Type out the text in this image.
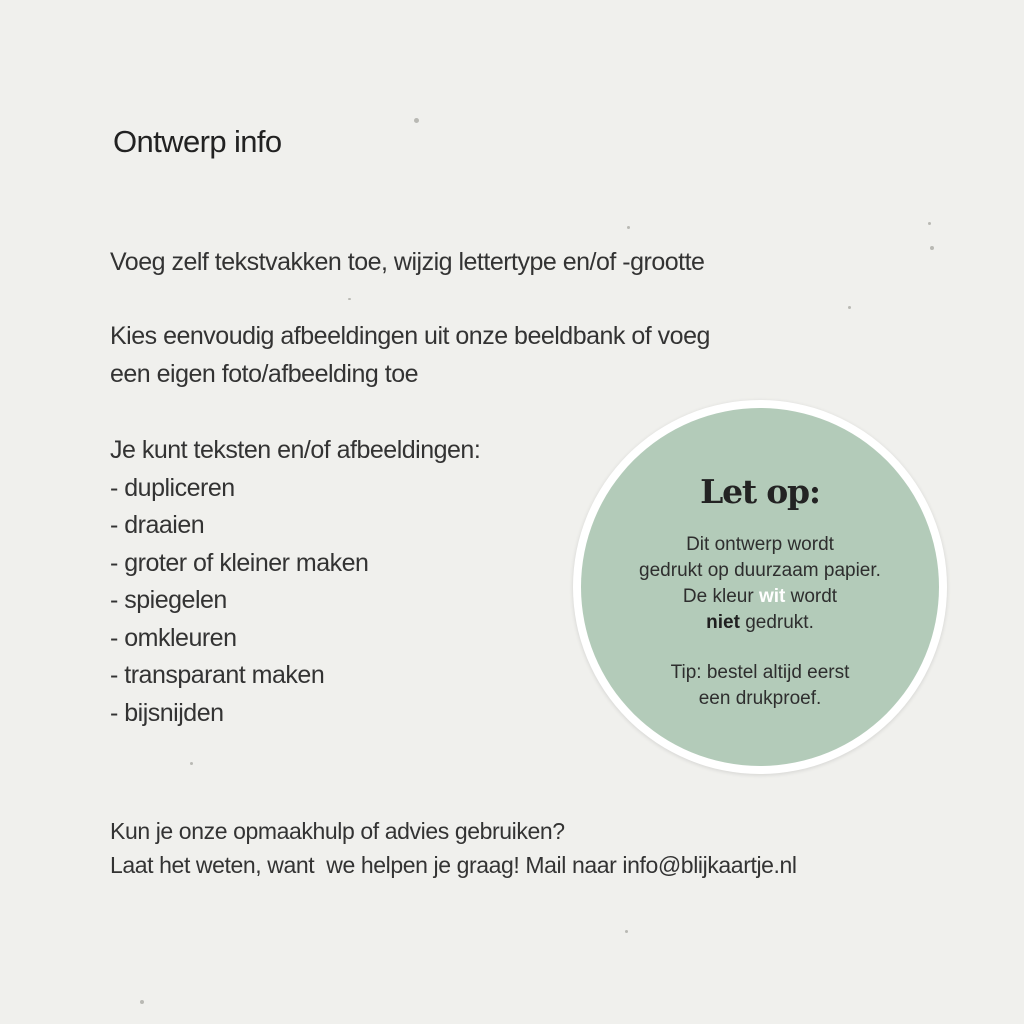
Ontwerp info
Voeg zelf tekstvakken toe, wijzig lettertype en/of -grootte
Kies eenvoudig afbeeldingen uit onze beeldbank of voeg
een eigen foto/afbeelding toe
Je kunt teksten en/of afbeeldingen:
- dupliceren
- draaien
- groter of kleiner maken
- spiegelen
- omkleuren
- transparant maken
- bijsnijden
Let op:
Dit ontwerp wordt
gedrukt op duurzaam papier.
De kleur wit wordt
niet gedrukt.
Tip: bestel altijd eerst
een drukproef.
Kun je onze opmaakhulp of advies gebruiken?
Laat het weten, want  we helpen je graag! Mail naar info@blijkaartje.nl
